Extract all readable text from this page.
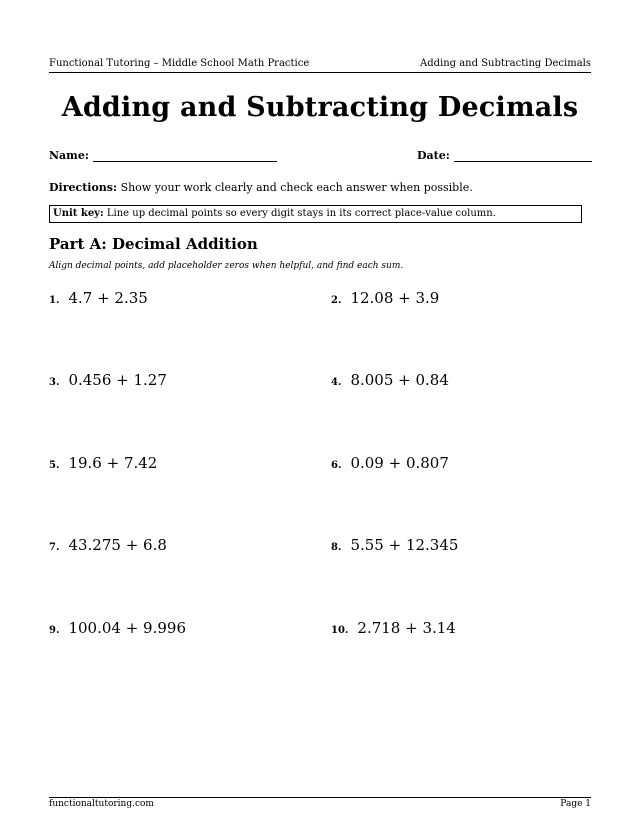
Functional Tutoring – Middle School Math Practice	Adding and Subtracting Decimals
Adding and Subtracting Decimals
Name:	Date:
Directions: Show your work clearly and check each answer when possible.
Unit key: Line up decimal points so every digit stays in its correct place-value column.
Part A: Decimal Addition
Align decimal points, add placeholder zeros when helpful, and find each sum.
1. 4.7 + 2.35	2. 12.08 + 3.9
3. 0.456 + 1.27	4. 8.005 + 0.84
5. 19.6 + 7.42	6. 0.09 + 0.807
7. 43.275 + 6.8	8. 5.55 + 12.345
9. 100.04 + 9.996	10. 2.718 + 3.14
functionaltutoring.com	Page 1
